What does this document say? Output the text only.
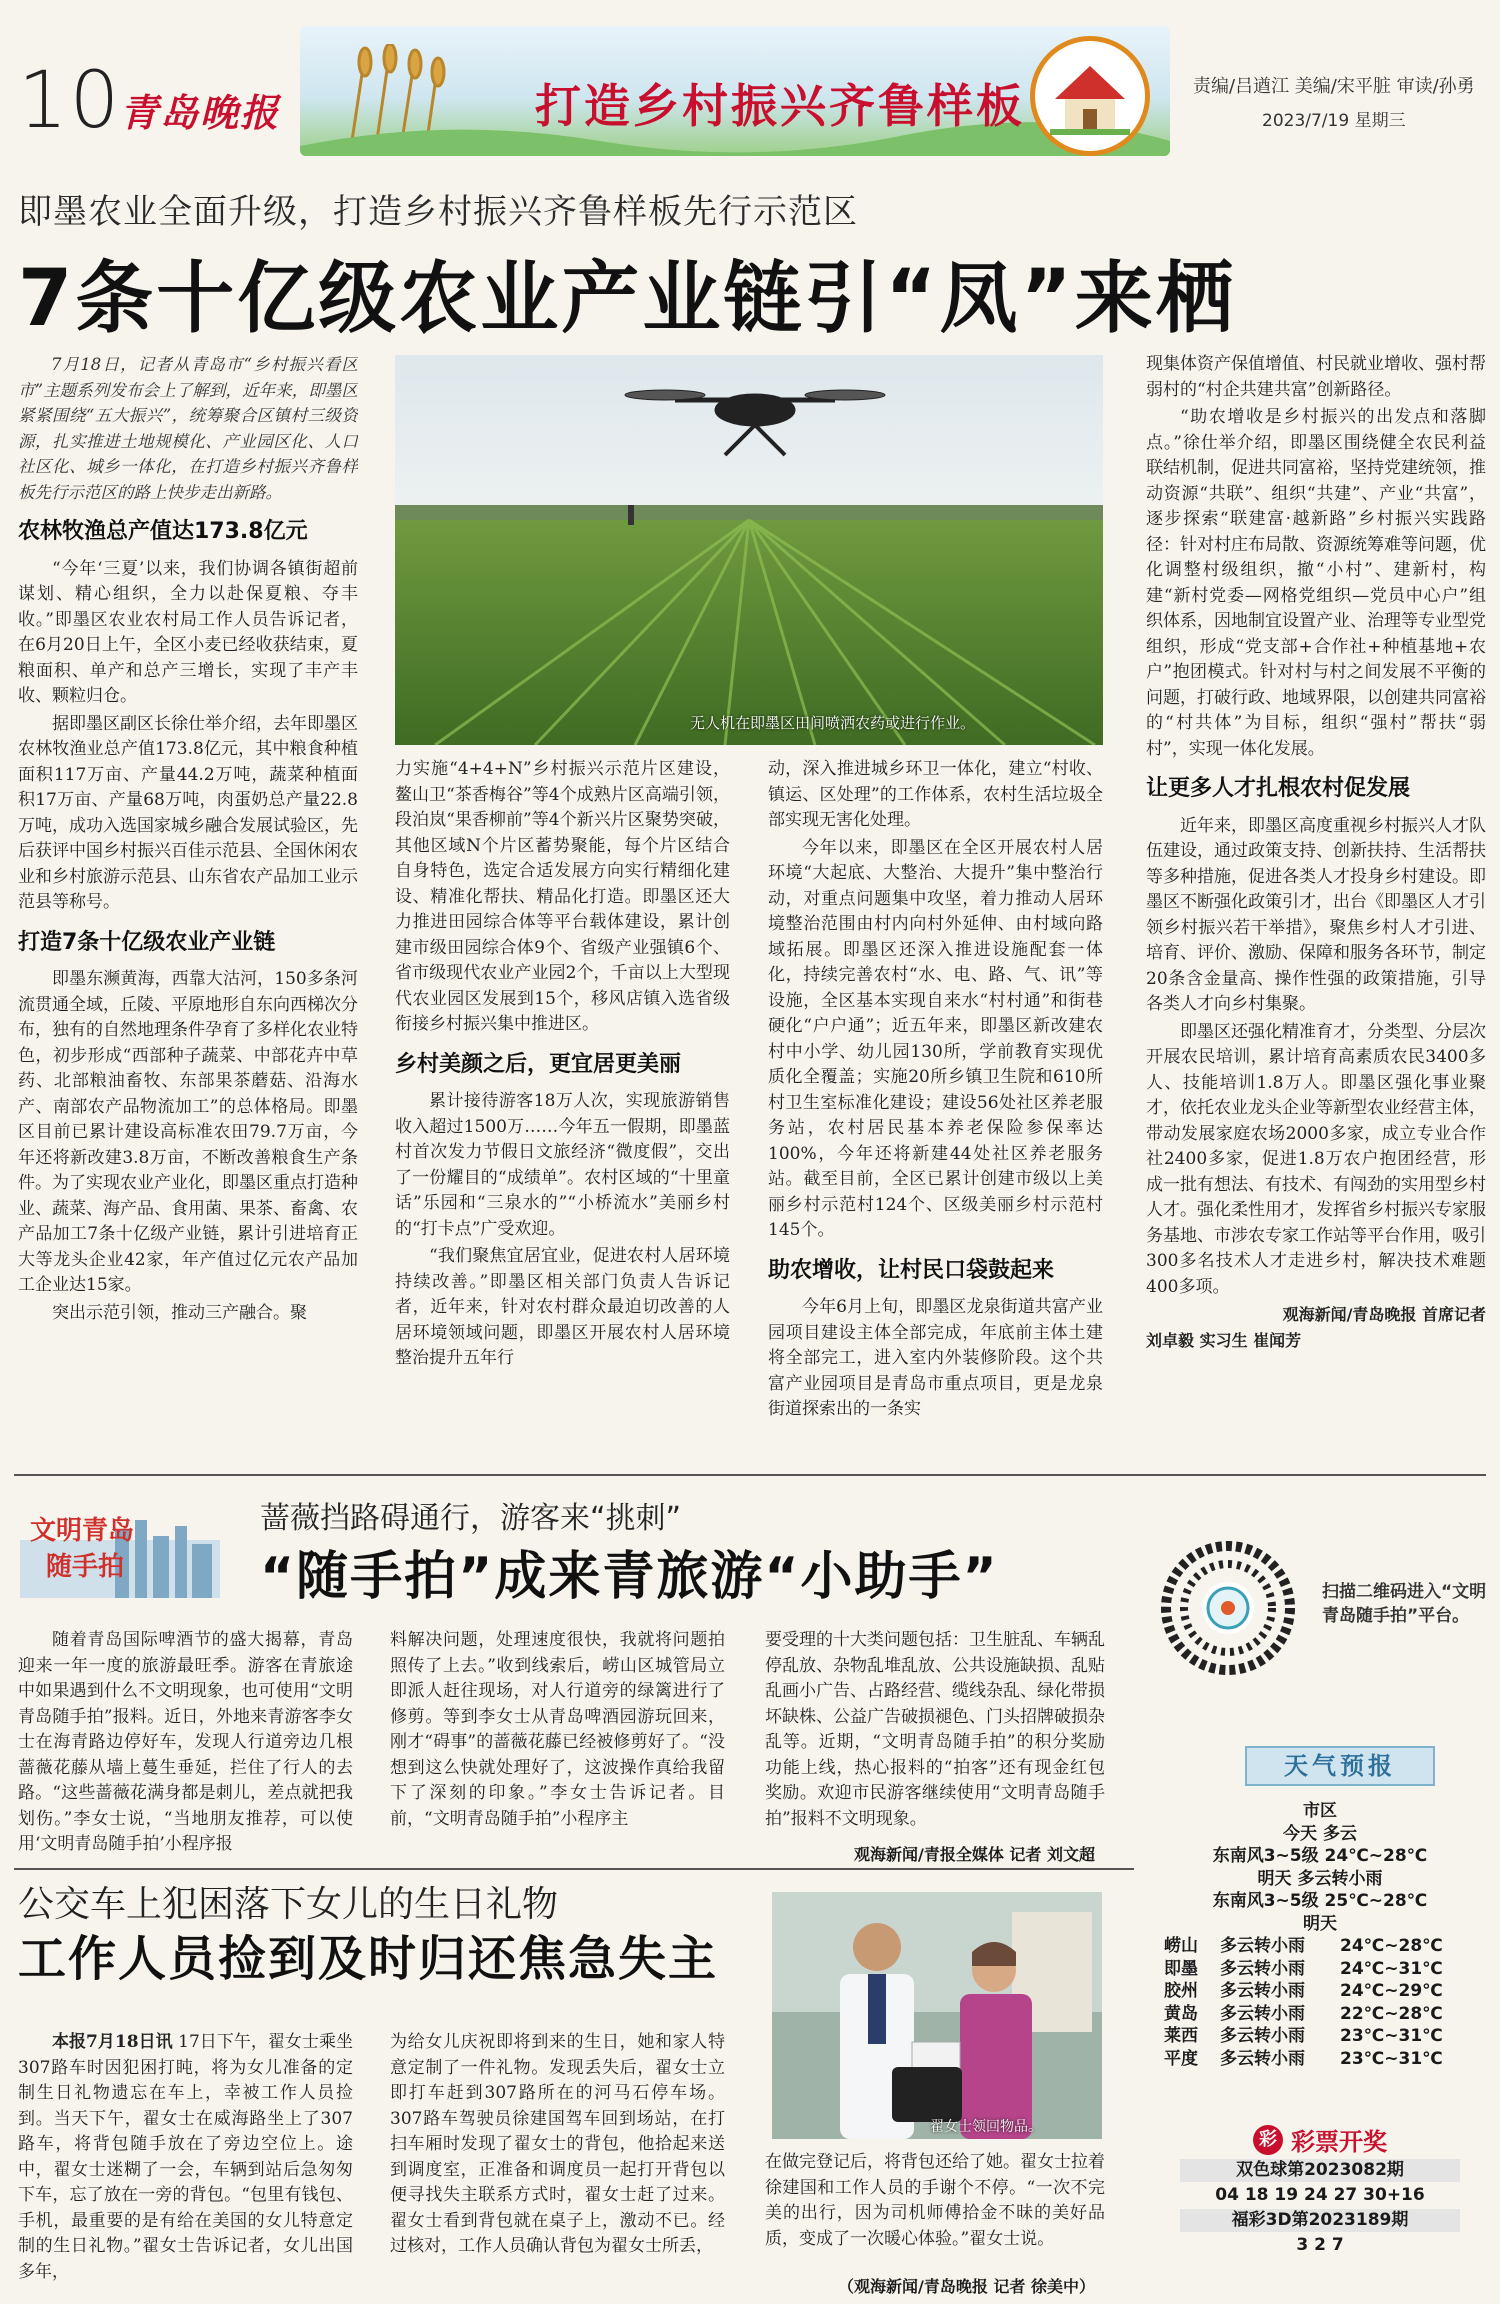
10
青岛晚报	打造乡村振兴齐鲁样板	责编/吕遒江 美编/宋平脏 审读/孙勇
2023/7/19 星期三
即墨农业全面升级，打造乡村振兴齐鲁样板先行示范区
7条十亿级农业产业链引“凤”来栖

7月18日，记者从青岛市“乡村振兴看区市”主题系列发布会上了解到，近年来，即墨区紧紧围绕“五大振兴”，统筹聚合区镇村三级资源，扎实推进土地规模化、产业园区化、人口社区化、城乡一体化，在打造乡村振兴齐鲁样板先行示范区的路上快步走出新路。

农林牧渔总产值达173.8亿元

“今年‘三夏’以来，我们协调各镇街超前谋划、精心组织，全力以赴保夏粮、夺丰收。”即墨区农业农村局工作人员告诉记者，在6月20日上午，全区小麦已经收获结束，夏粮面积、单产和总产三增长，实现了丰产丰收、颗粒归仓。

据即墨区副区长徐仕举介绍，去年即墨区农林牧渔业总产值173.8亿元，其中粮食种植面积117万亩、产量44.2万吨，蔬菜种植面积17万亩、产量68万吨，肉蛋奶总产量22.8万吨，成功入选国家城乡融合发展试验区，先后获评中国乡村振兴百佳示范县、全国休闲农业和乡村旅游示范县、山东省农产品加工业示范县等称号。

打造7条十亿级农业产业链

即墨东濒黄海，西靠大沽河，150多条河流贯通全域，丘陵、平原地形自东向西梯次分布，独有的自然地理条件孕育了多样化农业特色，初步形成“西部种子蔬菜、中部花卉中草药、北部粮油畜牧、东部果茶蘑菇、沿海水产、南部农产品物流加工”的总体格局。即墨区目前已累计建设高标准农田79.7万亩，今年还将新改建3.8万亩，不断改善粮食生产条件。为了实现农业产业化，即墨区重点打造种业、蔬菜、海产品、食用菌、果茶、畜禽、农产品加工7条十亿级产业链，累计引进培育正大等龙头企业42家，年产值过亿元农产品加工企业达15家。

突出示范引领，推动三产融合。聚

无人机在即墨区田间喷洒农药或进行作业。

力实施“4+4+N”乡村振兴示范片区建设，鳌山卫“茶香梅谷”等4个成熟片区高端引领，段泊岚“果香柳前”等4个新兴片区聚势突破，其他区域N个片区蓄势聚能，每个片区结合自身特色，选定合适发展方向实行精细化建设、精准化帮扶、精品化打造。即墨区还大力推进田园综合体等平台载体建设，累计创建市级田园综合体9个、省级产业强镇6个、省市级现代农业产业园2个，千亩以上大型现代农业园区发展到15个，移风店镇入选省级衔接乡村振兴集中推进区。

乡村美颜之后，更宜居更美丽

累计接待游客18万人次，实现旅游销售收入超过1500万……今年五一假期，即墨蓝村首次发力节假日文旅经济“微度假”，交出了一份耀目的“成绩单”。农村区域的“十里童话”乐园和“三泉水的”“小桥流水”美丽乡村的“打卡点”广受欢迎。

“我们聚焦宜居宜业，促进农村人居环境持续改善。”即墨区相关部门负责人告诉记者，近年来，针对农村群众最迫切改善的人居环境领域问题，即墨区开展农村人居环境整治提升五年行

动，深入推进城乡环卫一体化，建立“村收、镇运、区处理”的工作体系，农村生活垃圾全部实现无害化处理。

今年以来，即墨区在全区开展农村人居环境“大起底、大整治、大提升”集中整治行动，对重点问题集中攻坚，着力推动人居环境整治范围由村内向村外延伸、由村域向路域拓展。即墨区还深入推进设施配套一体化，持续完善农村“水、电、路、气、讯”等设施，全区基本实现自来水“村村通”和街巷硬化“户户通”；近五年来，即墨区新改建农村中小学、幼儿园130所，学前教育实现优质化全覆盖；实施20所乡镇卫生院和610所村卫生室标准化建设；建设56处社区养老服务站，农村居民基本养老保险参保率达100%，今年还将新建44处社区养老服务站。截至目前，全区已累计创建市级以上美丽乡村示范村124个、区级美丽乡村示范村145个。

助农增收，让村民口袋鼓起来

今年6月上旬，即墨区龙泉街道共富产业园项目建设主体全部完成，年底前主体土建将全部完工，进入室内外装修阶段。这个共富产业园项目是青岛市重点项目，更是龙泉街道探索出的一条实

现集体资产保值增值、村民就业增收、强村帮弱村的“村企共建共富”创新路径。

“助农增收是乡村振兴的出发点和落脚点。”徐仕举介绍，即墨区围绕健全农民利益联结机制，促进共同富裕，坚持党建统领，推动资源“共联”、组织“共建”、产业“共富”，逐步探索“联建富·越新路”乡村振兴实践路径：针对村庄布局散、资源统筹难等问题，优化调整村级组织，撤“小村”、建新村，构建“新村党委—网格党组织—党员中心户”组织体系，因地制宜设置产业、治理等专业型党组织，形成“党支部+合作社+种植基地+农户”抱团模式。针对村与村之间发展不平衡的问题，打破行政、地域界限，以创建共同富裕的“村共体”为目标，组织“强村”帮扶“弱村”，实现一体化发展。

让更多人才扎根农村促发展

近年来，即墨区高度重视乡村振兴人才队伍建设，通过政策支持、创新扶持、生活帮扶等多种措施，促进各类人才投身乡村建设。即墨区不断强化政策引才，出台《即墨区人才引领乡村振兴若干举措》，聚焦乡村人才引进、培育、评价、激励、保障和服务各环节，制定20条含金量高、操作性强的政策措施，引导各类人才向乡村集聚。

即墨区还强化精准育才，分类型、分层次开展农民培训，累计培育高素质农民3400多人、技能培训1.8万人。即墨区强化事业聚才，依托农业龙头企业等新型农业经营主体，带动发展家庭农场2000多家，成立专业合作社2400多家，促进1.8万农户抱团经营，形成一批有想法、有技术、有闯劲的实用型乡村人才。强化柔性用才，发挥省乡村振兴专家服务基地、市涉农专家工作站等平台作用，吸引300多名技术人才走进乡村，解决技术难题400多项。

观海新闻/青岛晚报 首席记者
刘卓毅 实习生 崔闻芳
文明青岛
随手拍
蔷薇挡路碍通行，游客来“挑刺”
“随手拍”成来青旅游“小助手”	扫描二维码进入“文明青岛随手拍”平台。

随着青岛国际啤酒节的盛大揭幕，青岛迎来一年一度的旅游最旺季。游客在青旅途中如果遇到什么不文明现象，也可使用“文明青岛随手拍”报料。近日，外地来青游客李女士在海青路边停好车，发现人行道旁边几根蔷薇花藤从墙上蔓生垂延，拦住了行人的去路。“这些蔷薇花满身都是刺儿，差点就把我划伤。”李女士说，“当地朋友推荐，可以使用‘文明青岛随手拍’小程序报

料解决问题，处理速度很快，我就将问题拍照传了上去。”收到线索后，崂山区城管局立即派人赶往现场，对人行道旁的绿篱进行了修剪。等到李女士从青岛啤酒园游玩回来，刚才“碍事”的蔷薇花藤已经被修剪好了。“没想到这么快就处理好了，这波操作真给我留下了深刻的印象。”李女士告诉记者。目前，“文明青岛随手拍”小程序主

要受理的十大类问题包括：卫生脏乱、车辆乱停乱放、杂物乱堆乱放、公共设施缺损、乱贴乱画小广告、占路经营、缆线杂乱、绿化带损坏缺株、公益广告破损褪色、门头招牌破损杂乱等。近期，“文明青岛随手拍”的积分奖励功能上线，热心报料的“拍客”还有现金红包奖励。欢迎市民游客继续使用“文明青岛随手拍”报料不文明现象。

观海新闻/青报全媒体 记者 刘文超
公交车上犯困落下女儿的生日礼物
工作人员捡到及时归还焦急失主
翟女士领回物品。

本报7月18日讯 17日下午，翟女士乘坐307路车时因犯困打盹，将为女儿准备的定制生日礼物遗忘在车上，幸被工作人员捡到。当天下午，翟女士在威海路坐上了307路车，将背包随手放在了旁边空位上。途中，翟女士迷糊了一会，车辆到站后急匆匆下车，忘了放在一旁的背包。“包里有钱包、手机，最重要的是有给在美国的女儿特意定制的生日礼物。”翟女士告诉记者，女儿出国多年，

为给女儿庆祝即将到来的生日，她和家人特意定制了一件礼物。发现丢失后，翟女士立即打车赶到307路所在的河马石停车场。307路车驾驶员徐建国驾车回到场站，在打扫车厢时发现了翟女士的背包，他拾起来送到调度室，正准备和调度员一起打开背包以便寻找失主联系方式时，翟女士赶了过来。翟女士看到背包就在桌子上，激动不已。经过核对，工作人员确认背包为翟女士所丢，

在做完登记后，将背包还给了她。翟女士拉着徐建国和工作人员的手谢个不停。“一次不完美的出行，因为司机师傅拾金不昧的美好品质，变成了一次暖心体验。”翟女士说。

（观海新闻/青岛晚报 记者 徐美中）
天气预报
市区
今天 多云
东南风3~5级 24℃~28℃
明天 多云转小雨
东南风3~5级 25℃~28℃
明天
崂山	多云转小雨	24℃~28℃
即墨	多云转小雨	24℃~31℃
胶州	多云转小雨	24℃~29℃
黄岛	多云转小雨	22℃~28℃
莱西	多云转小雨	23℃~31℃
平度	多云转小雨	23℃~31℃
彩 彩票开奖
双色球第2023082期
04 18 19 24 27 30+16
福彩3D第2023189期
3 2 7
